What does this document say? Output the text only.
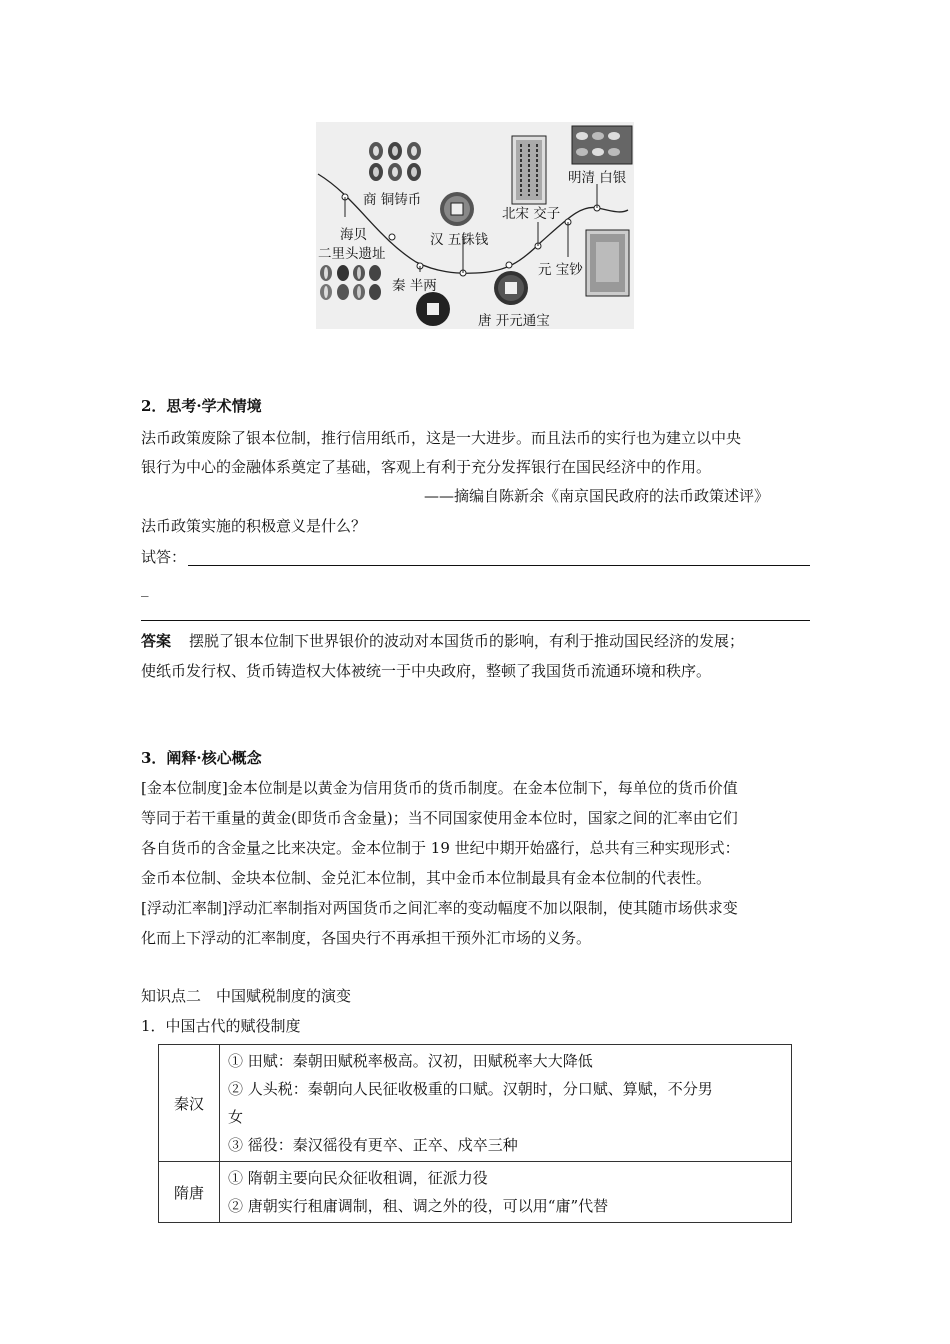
商 铜铸币
海贝
二里头遗址
秦 半两
汉 五铢钱
唐 开元通宝
北宋 交子
元 宝钞
明清 白银
2．思考·学术情境
法币政策废除了银本位制，推行信用纸币，这是一大进步。而且法币的实行也为建立以中央
银行为中心的金融体系奠定了基础，客观上有利于充分发挥银行在国民经济中的作用。
——摘编自陈新余《南京国民政府的法币政策述评》
法币政策实施的积极意义是什么？
试答：
_
答案 摆脱了银本位制下世界银价的波动对本国货币的影响，有利于推动国民经济的发展；
使纸币发行权、货币铸造权大体被统一于中央政府，整顿了我国货币流通环境和秩序。
3．阐释·核心概念
[金本位制度]金本位制是以黄金为信用货币的货币制度。在金本位制下，每单位的货币价值
等同于若干重量的黄金(即货币含金量)；当不同国家使用金本位时，国家之间的汇率由它们
各自货币的含金量之比来决定。金本位制于 19 世纪中期开始盛行，总共有三种实现形式：
金币本位制、金块本位制、金兑汇本位制，其中金币本位制最具有金本位制的代表性。
[浮动汇率制]浮动汇率制指对两国货币之间汇率的变动幅度不加以限制，使其随市场供求变
化而上下浮动的汇率制度，各国央行不再承担干预外汇市场的义务。
知识点二　中国赋税制度的演变
1．中国古代的赋役制度
秦汉	① 田赋：秦朝田赋税率极高。汉初，田赋税率大大降低
② 人头税：秦朝向人民征收极重的口赋。汉朝时，分口赋、算赋，不分男
女
③ 徭役：秦汉徭役有更卒、正卒、戍卒三种

隋唐	① 隋朝主要向民众征收租调，征派力役
② 唐朝实行租庸调制，租、调之外的役，可以用“庸”代替
